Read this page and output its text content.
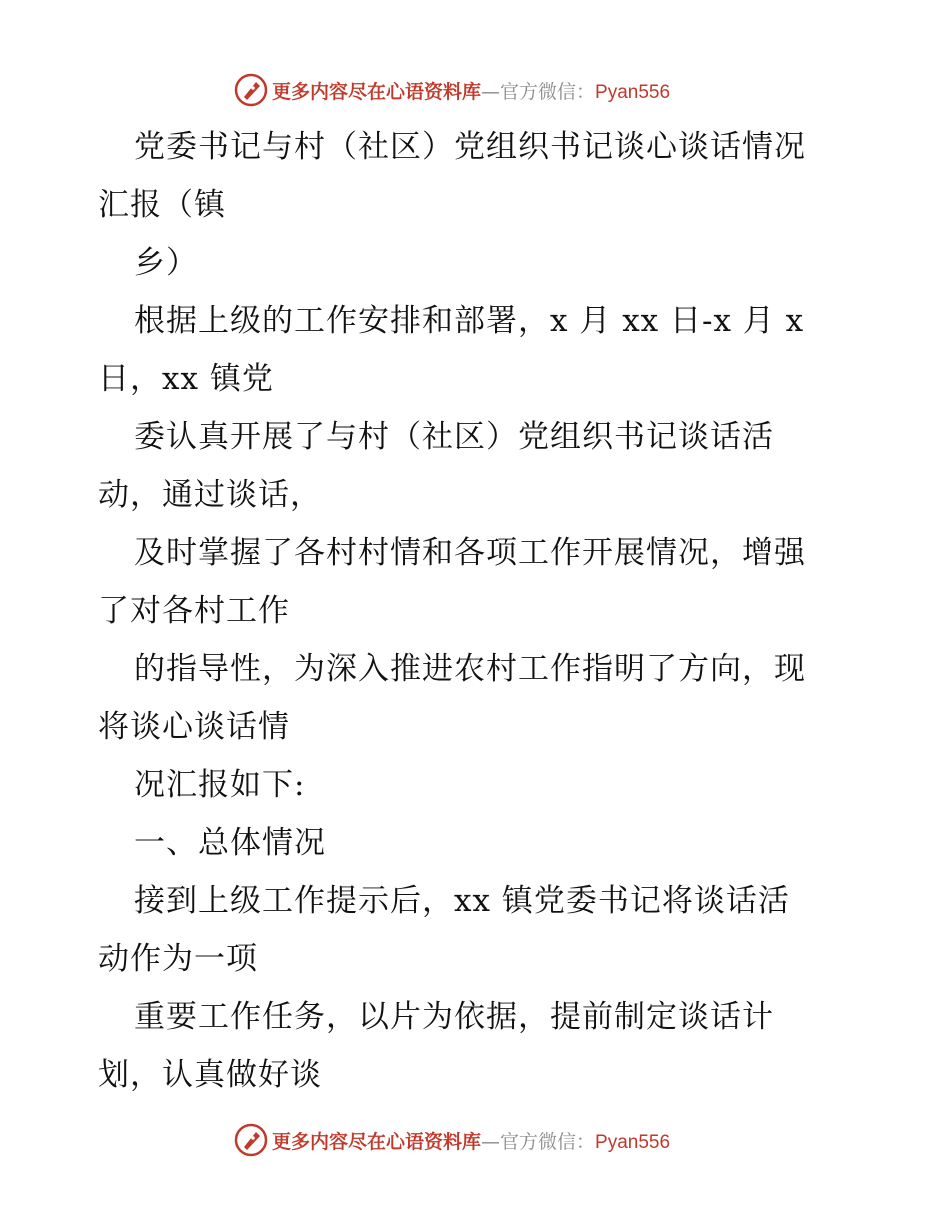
更多内容尽在心语资料库—官方微信：Pyan556
党委书记与村（社区）党组织书记谈心谈话情况
汇报（镇
乡）
根据上级的工作安排和部署，x 月 xx 日-x 月 x
日，xx 镇党
委认真开展了与村（社区）党组织书记谈话活
动，通过谈话，
及时掌握了各村村情和各项工作开展情况，增强
了对各村工作
的指导性，为深入推进农村工作指明了方向，现
将谈心谈话情
况汇报如下:
一、总体情况
接到上级工作提示后，xx 镇党委书记将谈话活
动作为一项
重要工作任务，以片为依据，提前制定谈话计
划，认真做好谈
更多内容尽在心语资料库—官方微信：Pyan556
